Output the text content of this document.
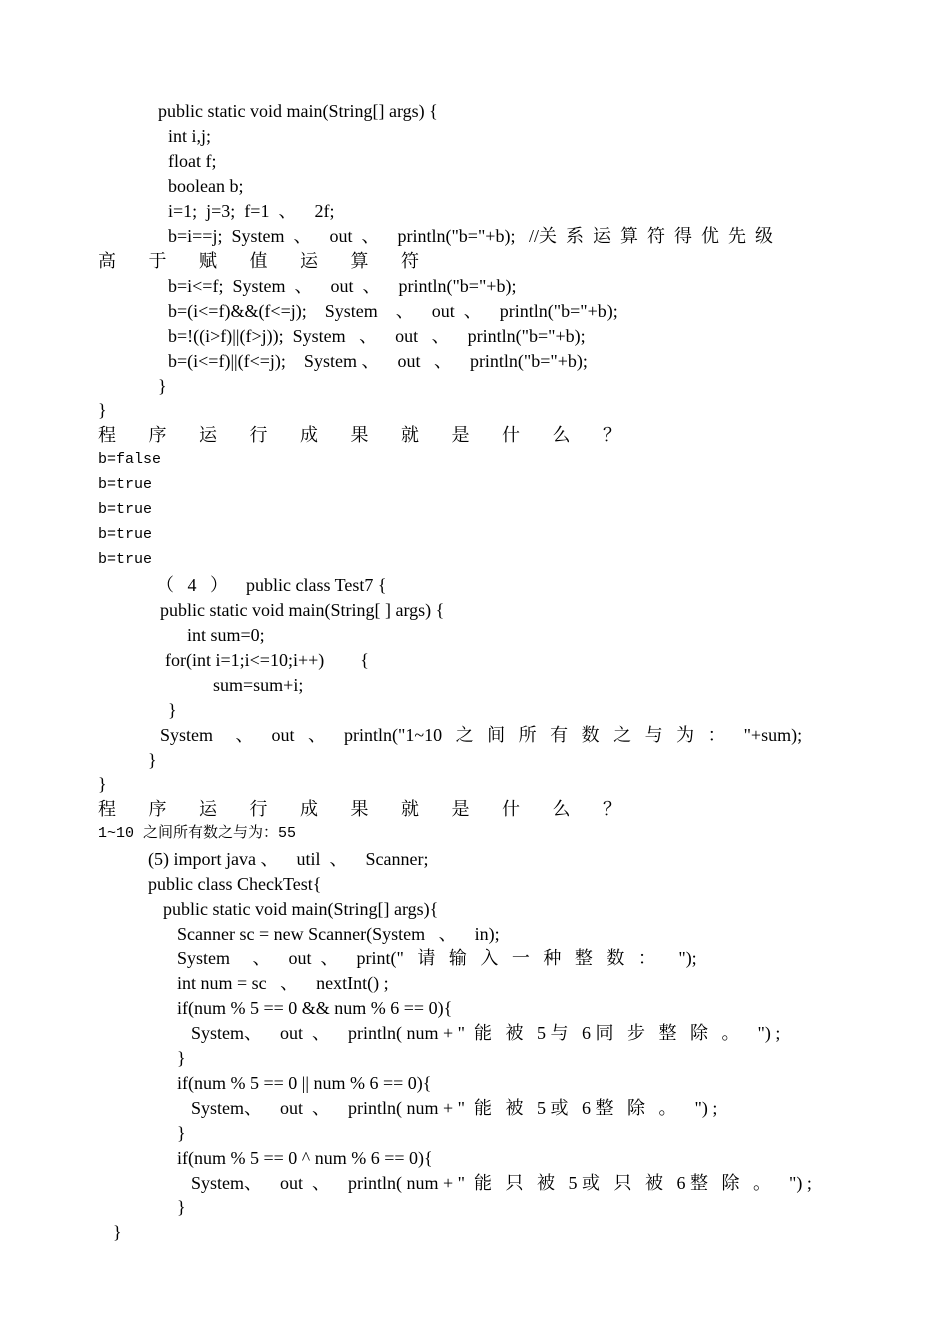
public static void main(String[] args) {
int i,j;
float f;
boolean b;
i=1;  j=3;  f=1  、    2f;
b=i==j;  System  、    out  、    println("b="+b);   //关  系  运  算  符  得  优  先  级
高 于 赋 值 运 算 符
b=i<=f;  System  、    out  、    println("b="+b);
b=(i<=f)&&(f<=j);    System    、    out  、    println("b="+b);
b=!((i>f)||(f>j));  System   、    out   、    println("b="+b);
b=(i<=f)||(f<=j);    System 、    out   、    println("b="+b);
}
}
程 序 运 行 成 果 就 是 什 么 ？
b=false
b=true
b=true
b=true
b=true
（   4   ）    public class Test7 {
public static void main(String[ ] args) {
int sum=0;
for(int i=1;i<=10;i++)        {
sum=sum+i;
}
System     、    out   、    println("1~10   之   间   所   有   数   之   与   为   ：    "+sum);
}
}
程 序 运 行 成 果 就 是 什 么 ？
1~10 之间所有数之与为：55
(5) import java 、    util  、    Scanner;
public class CheckTest{
public static void main(String[] args){
Scanner sc = new Scanner(System   、    in);
System     、    out  、    print("   请   输   入   一   种   整   数   ：     ");
int num = sc   、    nextInt() ;
if(num % 5 == 0 && num % 6 == 0){
System、    out  、    println( num + "  能   被   5 与   6 同   步   整   除   。    ") ;
}
if(num % 5 == 0 || num % 6 == 0){
System、    out  、    println( num + "  能   被   5 或   6 整   除   。    ") ;
}
if(num % 5 == 0 ^ num % 6 == 0){
System、    out  、    println( num + "  能   只   被   5 或   只   被   6 整   除   。    ") ;
}
}
